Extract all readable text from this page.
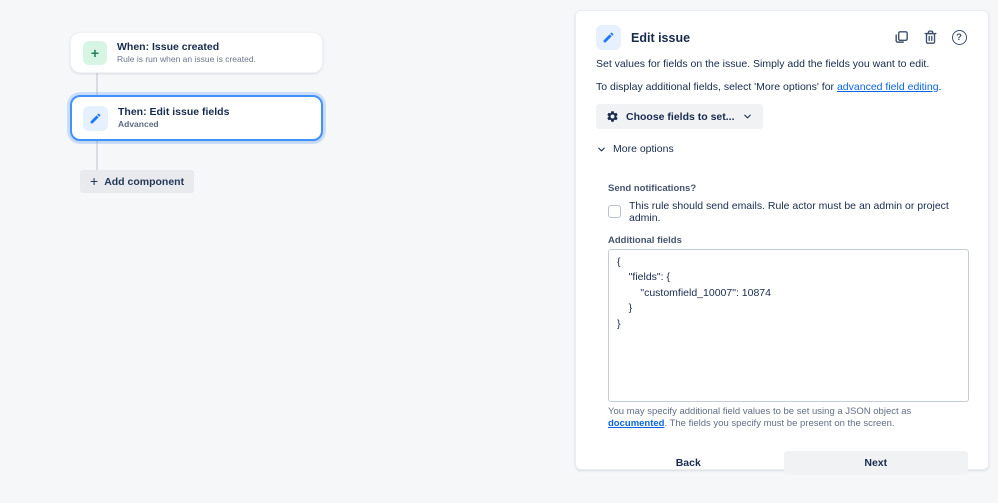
+	When: Issue created
Rule is run when an issue is created.
Then: Edit issue fields
Advanced
+ Add component
Edit issue	?

Set values for fields on the issue. Simply add the fields you want to edit.

To display additional fields, select 'More options' for advanced field editing.

Choose fields to set...
More options
Send notifications?
This rule should send emails. Rule actor must be an admin or project admin.
Additional fields
{ "fields": { "customfield_10007": 10874 } }

You may specify additional field values to be set using a JSON object as documented. The fields you specify must be present on the screen.

Back	Next
